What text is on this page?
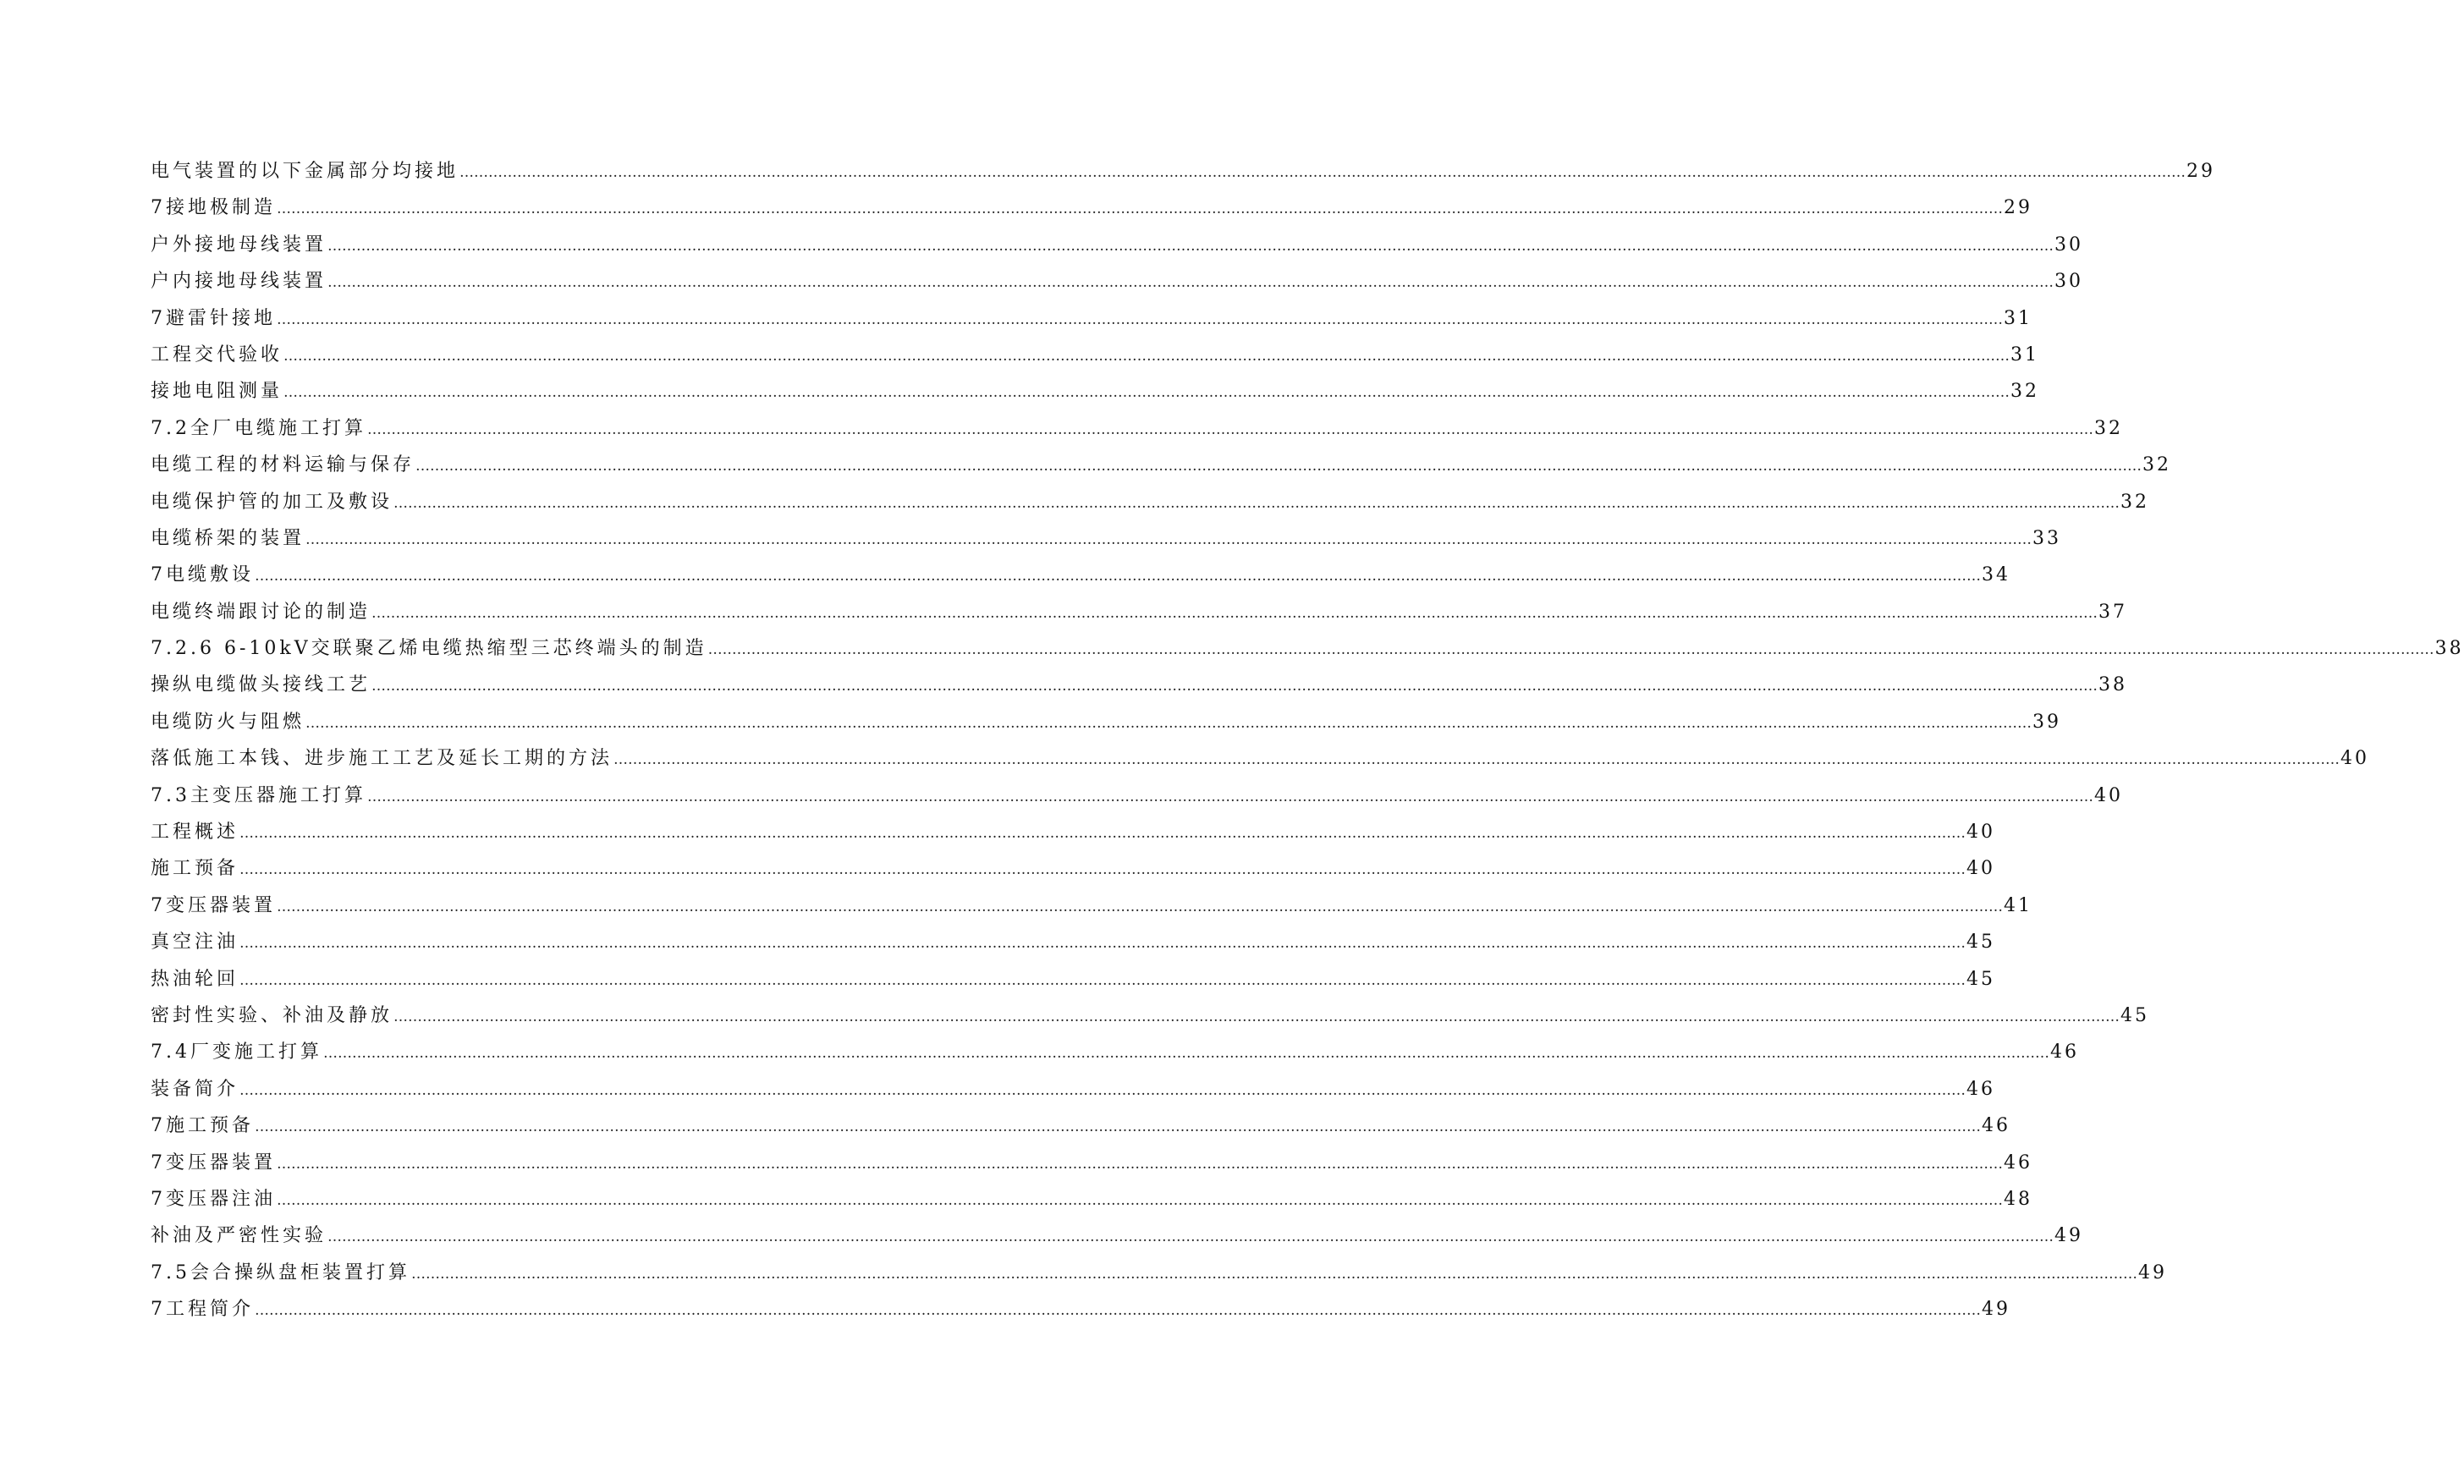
电气装置的以下金属部分均接地 ……………………………………………………………………………………………………………………………………………………………………………………………………………………………………………………………………………………………………………………………… 29
7接地极制造 ……………………………………………………………………………………………………………………………………………………………………………………………………………………………………………………………………………………………………………………………… 29
户外接地母线装置 ……………………………………………………………………………………………………………………………………………………………………………………………………………………………………………………………………………………………………………………………… 30
户内接地母线装置 ……………………………………………………………………………………………………………………………………………………………………………………………………………………………………………………………………………………………………………………………… 30
7避雷针接地 ……………………………………………………………………………………………………………………………………………………………………………………………………………………………………………………………………………………………………………………………… 31
工程交代验收 ……………………………………………………………………………………………………………………………………………………………………………………………………………………………………………………………………………………………………………………………… 31
接地电阻测量 ……………………………………………………………………………………………………………………………………………………………………………………………………………………………………………………………………………………………………………………………… 32
7.2全厂电缆施工打算 ……………………………………………………………………………………………………………………………………………………………………………………………………………………………………………………………………………………………………………………………… 32
电缆工程的材料运输与保存 ……………………………………………………………………………………………………………………………………………………………………………………………………………………………………………………………………………………………………………………………… 32
电缆保护管的加工及敷设 ……………………………………………………………………………………………………………………………………………………………………………………………………………………………………………………………………………………………………………………………… 32
电缆桥架的装置 ……………………………………………………………………………………………………………………………………………………………………………………………………………………………………………………………………………………………………………………………… 33
7电缆敷设 ……………………………………………………………………………………………………………………………………………………………………………………………………………………………………………………………………………………………………………………………… 34
电缆终端跟讨论的制造 ……………………………………………………………………………………………………………………………………………………………………………………………………………………………………………………………………………………………………………………………… 37
7.2.6 6-10kV交联聚乙烯电缆热缩型三芯终端头的制造 ……………………………………………………………………………………………………………………………………………………………………………………………………………………………………………………………………………………………………………………………… 38
操纵电缆做头接线工艺 ……………………………………………………………………………………………………………………………………………………………………………………………………………………………………………………………………………………………………………………………… 38
电缆防火与阻燃 ……………………………………………………………………………………………………………………………………………………………………………………………………………………………………………………………………………………………………………………………… 39
落低施工本钱、进步施工工艺及延长工期的方法 ……………………………………………………………………………………………………………………………………………………………………………………………………………………………………………………………………………………………………………………………… 40
7.3主变压器施工打算 ……………………………………………………………………………………………………………………………………………………………………………………………………………………………………………………………………………………………………………………………… 40
工程概述 ……………………………………………………………………………………………………………………………………………………………………………………………………………………………………………………………………………………………………………………………… 40
施工预备 ……………………………………………………………………………………………………………………………………………………………………………………………………………………………………………………………………………………………………………………………… 40
7变压器装置 ……………………………………………………………………………………………………………………………………………………………………………………………………………………………………………………………………………………………………………………………… 41
真空注油 ……………………………………………………………………………………………………………………………………………………………………………………………………………………………………………………………………………………………………………………………… 45
热油轮回 ……………………………………………………………………………………………………………………………………………………………………………………………………………………………………………………………………………………………………………………………… 45
密封性实验、补油及静放 ……………………………………………………………………………………………………………………………………………………………………………………………………………………………………………………………………………………………………………………………… 45
7.4厂变施工打算 ……………………………………………………………………………………………………………………………………………………………………………………………………………………………………………………………………………………………………………………………… 46
装备简介 ……………………………………………………………………………………………………………………………………………………………………………………………………………………………………………………………………………………………………………………………… 46
7施工预备 ……………………………………………………………………………………………………………………………………………………………………………………………………………………………………………………………………………………………………………………………… 46
7变压器装置 ……………………………………………………………………………………………………………………………………………………………………………………………………………………………………………………………………………………………………………………………… 46
7变压器注油 ……………………………………………………………………………………………………………………………………………………………………………………………………………………………………………………………………………………………………………………………… 48
补油及严密性实验 ……………………………………………………………………………………………………………………………………………………………………………………………………………………………………………………………………………………………………………………………… 49
7.5会合操纵盘柜装置打算 ……………………………………………………………………………………………………………………………………………………………………………………………………………………………………………………………………………………………………………………………… 49
7工程简介 ……………………………………………………………………………………………………………………………………………………………………………………………………………………………………………………………………………………………………………………………… 49
